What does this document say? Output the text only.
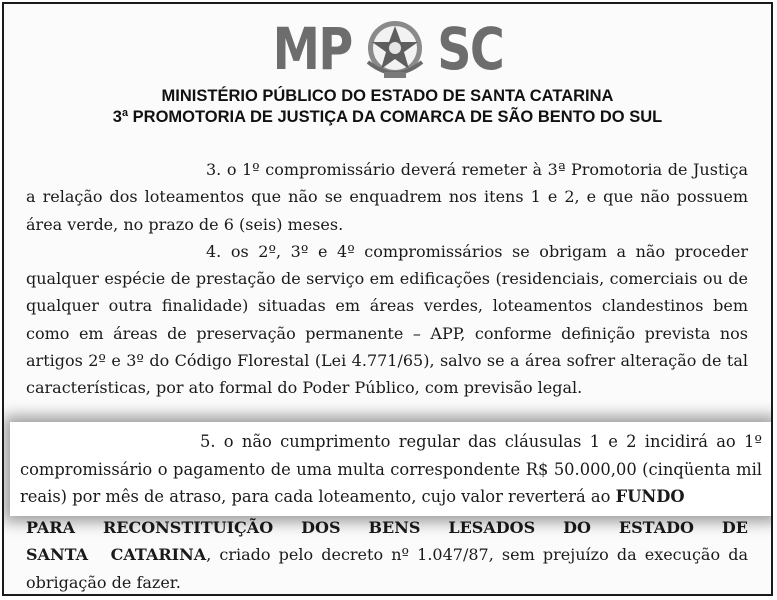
MP SC
MINISTÉRIO PÚBLICO DO ESTADO DE SANTA CATARINA
3ª PROMOTORIA DE JUSTIÇA DA COMARCA DE SÃO BENTO DO SUL

3. o 1º compromissário deverá remeter à 3ª Promotoria de Justiça a relação dos loteamentos que não se enquadrem nos itens 1 e 2, e que não possuem área verde, no prazo de 6 (seis) meses.

4. os 2º, 3º e 4º compromissários se obrigam a não proceder qualquer espécie de prestação de serviço em edificações (residenciais, comerciais ou de qualquer outra finalidade) situadas em áreas verdes, loteamentos clandestinos bem como em áreas de preservação permanente – APP, conforme definição prevista nos artigos 2º e 3º do Código Florestal (Lei 4.771/65), salvo se a área sofrer alteração de tal características, por ato formal do Poder Público, com previsão legal.

5. o não cumprimento regular das cláusulas 1 e 2 incidirá ao 1º compromissário o pagamento de uma multa correspondente R$ 50.000,00 (cinqüenta mil reais) por mês de atraso, para cada loteamento, cujo valor reverterá ao FUNDO

PARA RECONSTITUIÇÃO DOS BENS LESADOS DO ESTADO DE SANTA CATARINA, criado pelo decreto nº 1.047/87, sem prejuízo da execução da obrigação de fazer.
